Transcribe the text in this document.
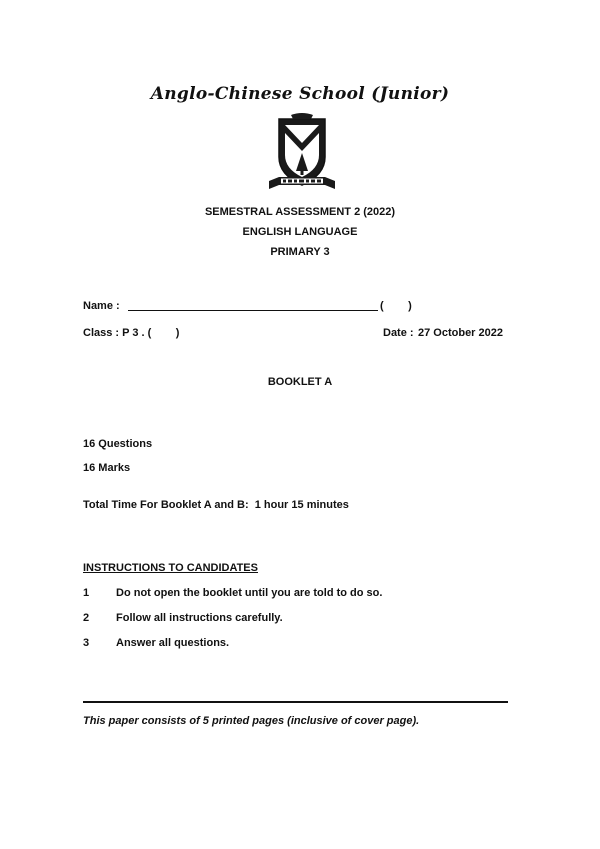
Anglo-Chinese School (Junior)
SEMESTRAL ASSESSMENT 2 (2022)
ENGLISH LANGUAGE
PRIMARY 3
Name :	(        )
Class : P 3 . (        )	Date : 27 October 2022
BOOKLET A
16 Questions
16 Marks
Total Time For Booklet A and B:  1 hour 15 minutes
INSTRUCTIONS TO CANDIDATES
1 Do not open the booklet until you are told to do so.
2 Follow all instructions carefully.
3 Answer all questions.
This paper consists of 5 printed pages (inclusive of cover page).
